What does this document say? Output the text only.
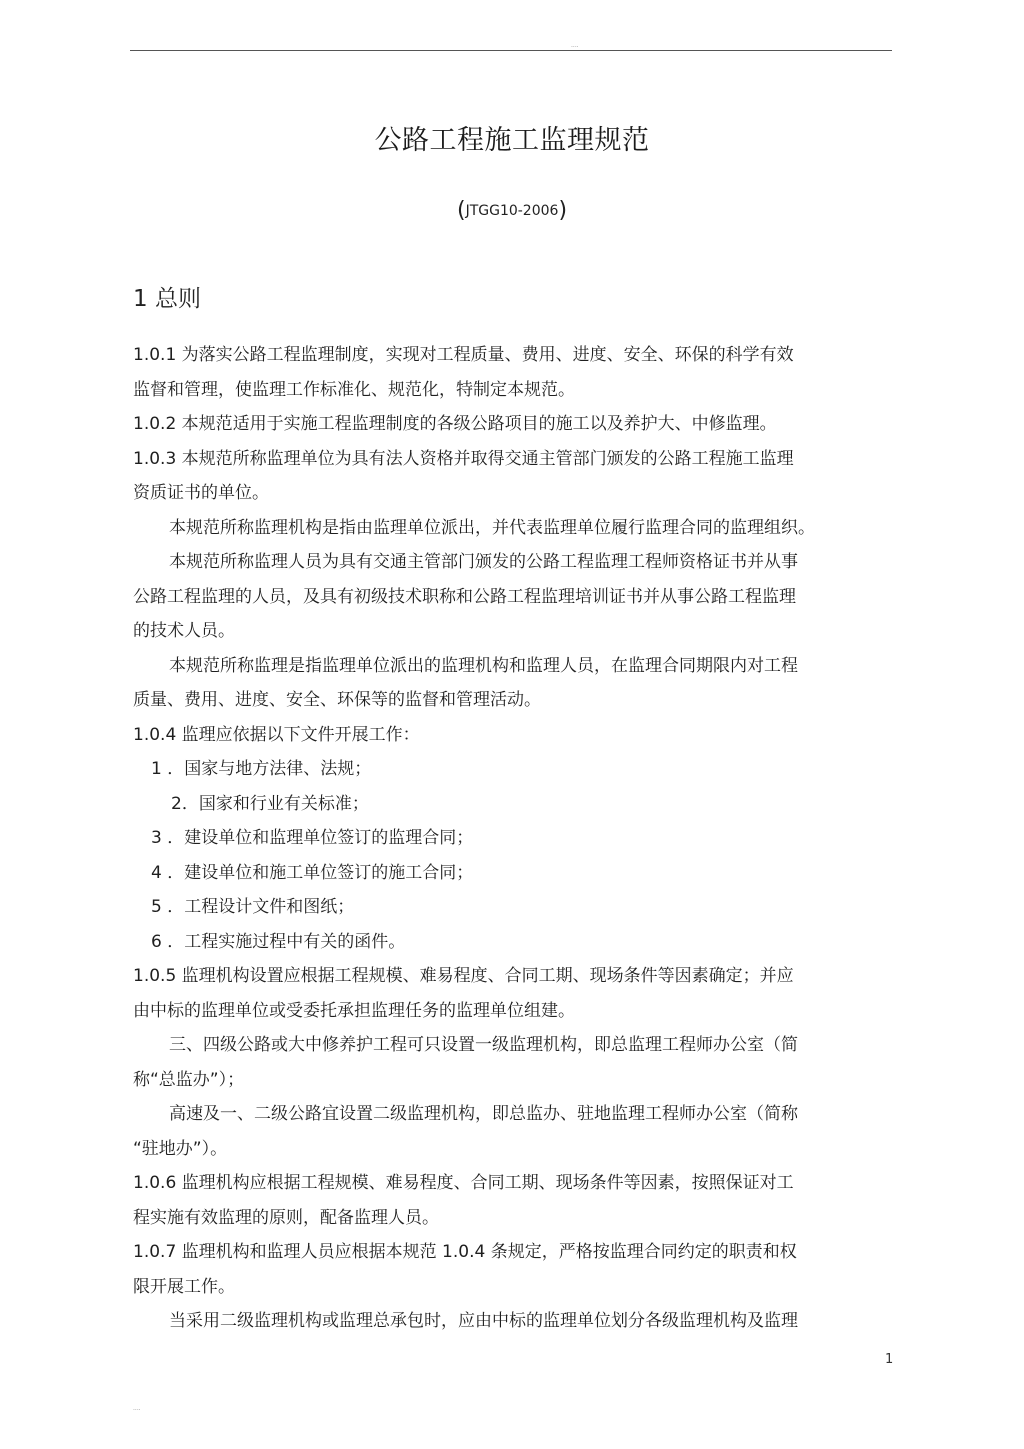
....
公路工程施工监理规范
(JTGG10-2006)
1 总则
1.0.1 为落实公路工程监理制度，实现对工程质量、费用、进度、安全、环保的科学有效
监督和管理，使监理工作标准化、规范化，特制定本规范。
1.0.2 本规范适用于实施工程监理制度的各级公路项目的施工以及养护大、中修监理。
1.0.3 本规范所称监理单位为具有法人资格并取得交通主管部门颁发的公路工程施工监理
资质证书的单位。
本规范所称监理机构是指由监理单位派出，并代表监理单位履行监理合同的监理组织。
本规范所称监理人员为具有交通主管部门颁发的公路工程监理工程师资格证书并从事
公路工程监理的人员，及具有初级技术职称和公路工程监理培训证书并从事公路工程监理
的技术人员。
本规范所称监理是指监理单位派出的监理机构和监理人员，在监理合同期限内对工程
质量、费用、进度、安全、环保等的监督和管理活动。
1.0.4 监理应依据以下文件开展工作：
1 ．国家与地方法律、法规；
2．国家和行业有关标准；
3 ．建设单位和监理单位签订的监理合同；
4 ．建设单位和施工单位签订的施工合同；
5 ．工程设计文件和图纸；
6 ．工程实施过程中有关的函件。
1.0.5 监理机构设置应根据工程规模、难易程度、合同工期、现场条件等因素确定；并应
由中标的监理单位或受委托承担监理任务的监理单位组建。
三、四级公路或大中修养护工程可只设置一级监理机构，即总监理工程师办公室（简
称“总监办”）；
高速及一、二级公路宜设置二级监理机构，即总监办、驻地监理工程师办公室（简称
“驻地办”）。
1.0.6 监理机构应根据工程规模、难易程度、合同工期、现场条件等因素，按照保证对工
程实施有效监理的原则，配备监理人员。
1.0.7 监理机构和监理人员应根据本规范 1.0.4 条规定，严格按监理合同约定的职责和权
限开展工作。
当采用二级监理机构或监理总承包时，应由中标的监理单位划分各级监理机构及监理
1
....
